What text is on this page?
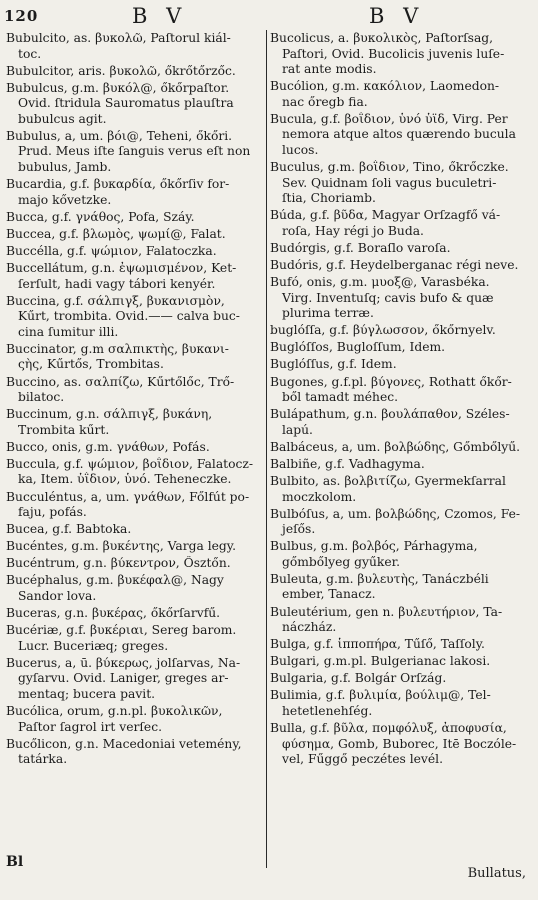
120	B V	B V
Bubulcito, as. βυκολῶ, Paſtorul kiál-
toc.
Bubulcitor, aris. βυκολῶ, őkrőtőrzőc.
Bubulcus, g.m. βυκόλ@, őkőrpaſtor.
Ovid. ſtridula Sauromatus plauſtra
bubulcus agit.
Bubulus, a, um. βόι@, Teheni, őkőri.
Prud. Meus iſte ſanguis verus eſt non
bubulus, Jamb.
Bucardia, g.f. βυκαρδία, őkőrſiv for-
majo kővetzke.
Bucca, g.f. γνάθος, Pofa, Száy.
Buccea, g.f. βλωμὸς, ψωμί@, Falat.
Buccélla, g.f. ψώμιον, Falatoczka.
Buccellátum, g.n. ἐψωμισμένον, Ket-
ſerſult, hadi vagy tábori kenyér.
Buccina, g.f. σάλπιγξ, βυκανισμὸν,
Kűrt, trombita. Ovid.—— calva buc-
cina ſumitur illi.
Buccinator, g.m σαλπικτὴς, βυκανι-
ςὴς, Kűrtős, Trombitas.
Buccino, as. σαλπίζω, Kűrtőlőc, Trő-
bilatoc.
Buccinum, g.n. σάλπιγξ, βυκάνη,
Trombita kűrt.
Bucco, onis, g.m. γνάθων, Pofás.
Buccula, g.f. ψώμιον, βοΐδιον, Falatocz-
ka, Item. ὑΐδιον, ὑνό. Teheneczke.
Bucculéntus, a, um. γνάθων, Főlfút po-
faju, pofás.
Bucea, g.f. Babtoka.
Bucéntes, g.m. βυκέντης, Varga legy.
Bucéntrum, g.n. βύκεντρον, Ősztőn.
Bucéphalus, g.m. βυκέφαλ@, Nagy
Sandor lova.
Buceras, g.n. βυκέρας, őkőrſarvfű.
Bucériæ, g.f. βυκέριαι, Sereg barom.
Lucr. Buceriæq; greges.
Bucerus, a, ū. βύκερως, jolſarvas, Na-
gyſarvu. Ovid. Laniger, greges ar-
mentaq; bucera pavit.
Bucólica, orum, g.n.pl. βυκολικῶν,
Paſtor ſagrol irt verſec.
Bucőlicon, g.n. Macedoniai vetemény,
tatárka.
Bucolicus, a. βυκολικὸς, Paſtorſsag,
Paſtori, Ovid. Bucolicis juvenis luſe-
rat ante modis.
Bucólion, g.m. κακόλιον, Laomedon-
nac őregb fia.
Bucula, g.f. βοΐδιον, ὑνό ὑϊδ, Virg. Per
nemora atque altos quærendo bucula
lucos.
Buculus, g.m. βοΐδιον, Tino, őkrőczke.
Sev. Quidnam ſoli vagus buculetri-
ſtia, Choriamb.
Búda, g.f. βῦδα, Magyar Orſzagfő vá-
roſa, Hay régi jo Buda.
Budórgis, g.f. Boraſlo varoſa.
Budóris, g.f. Heydelberganac régi neve.
Bufó, onis, g.m. μυοξ@, Varasbéka.
Virg. Inventuſq; cavis bufo & quæ
plurima terræ.
buglóſſa, g.f. βύγλωσσον, őkőrnyelv.
Buglóſſos, Bugloſſum, Idem.
Buglóſſus, g.f. Idem.
Bugones, g.f.pl. βύγονες, Rothatt őkőr-
ből tamadt méhec.
Bulápathum, g.n. βουλάπαθον, Széles-
lapú.
Balbáceus, a, um. βολβώδης, Gőmbőlyű.
Balbiñe, g.f. Vadhagyma.
Bulbito, as. βολβιτίζω, Gyermekſarral
moczkolom.
Bulbóſus, a, um. βολβώδης, Czomos, Fe-
jeſős.
Bulbus, g.m. βολβός, Párhagyma,
gőmbőlyeg gyűker.
Buleuta, g.m. βυλευτὴς, Tanáczbéli
ember, Tanacz.
Buleutérium, gen n. βυλευτήριον, Ta-
náczház.
Bulga, g.f. ἱπποπήρα, Tűſő, Taſſoly.
Bulgari, g.m.pl. Bulgerianac lakosi.
Bulgaria, g.f. Bolgár Orſzág.
Bulimia, g.f. βυλιμία, βούλιμ@, Tel-
hetetlenehſég.
Bulla, g.f. βῦλα, πομφόλυξ, ἀποφυσία,
φύσημα, Gomb, Buborec, Itē Boczóle-
vel, Fűggő peczétes levél.
Bl
Bullatus,
